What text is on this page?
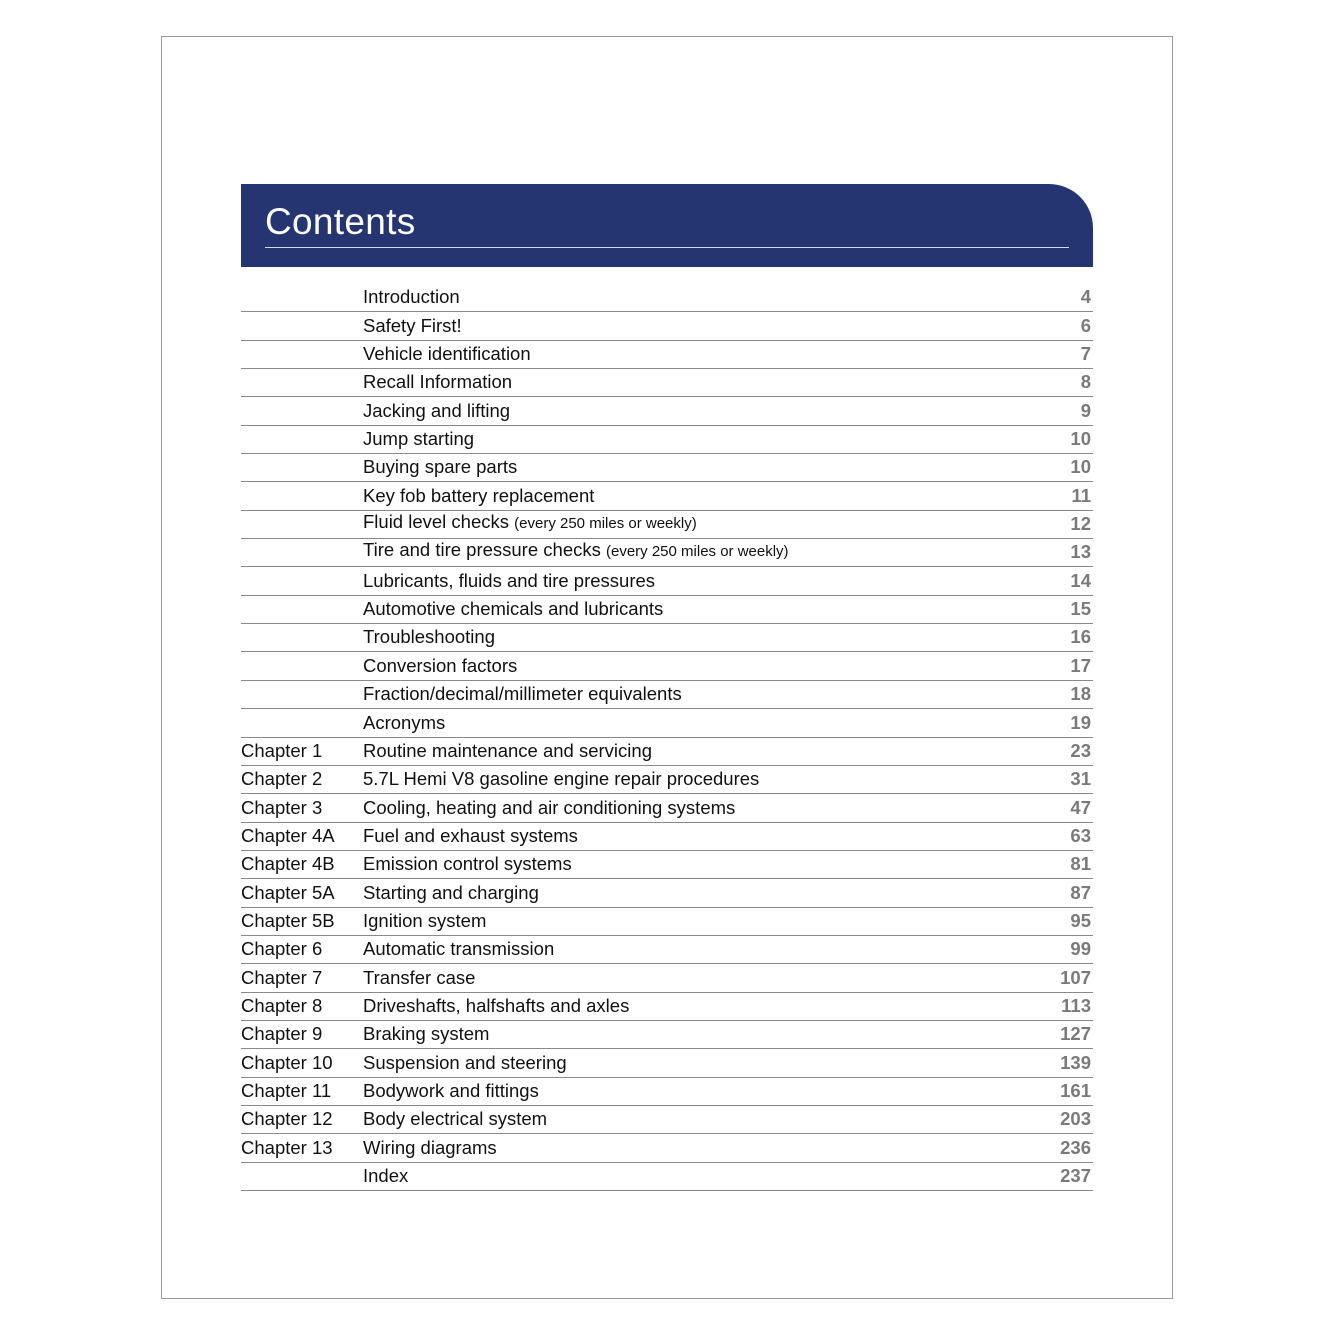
Contents
Introduction	4
Safety First!	6
Vehicle identification	7
Recall Information	8
Jacking and lifting	9
Jump starting	10
Buying spare parts	10
Key fob battery replacement	11
Fluid level checks (every 250 miles or weekly)	12
Tire and tire pressure checks (every 250 miles or weekly)	13
Lubricants, fluids and tire pressures	14
Automotive chemicals and lubricants	15
Troubleshooting	16
Conversion factors	17
Fraction/decimal/millimeter equivalents	18
Acronyms	19
Chapter 1 Routine maintenance and servicing	23
Chapter 2 5.7L Hemi V8 gasoline engine repair procedures	31
Chapter 3 Cooling, heating and air conditioning systems	47
Chapter 4A Fuel and exhaust systems	63
Chapter 4B Emission control systems	81
Chapter 5A Starting and charging	87
Chapter 5B Ignition system	95
Chapter 6 Automatic transmission	99
Chapter 7 Transfer case	107
Chapter 8 Driveshafts, halfshafts and axles	113
Chapter 9 Braking system	127
Chapter 10 Suspension and steering	139
Chapter 11 Bodywork and fittings	161
Chapter 12 Body electrical system	203
Chapter 13 Wiring diagrams	236
Index	237
